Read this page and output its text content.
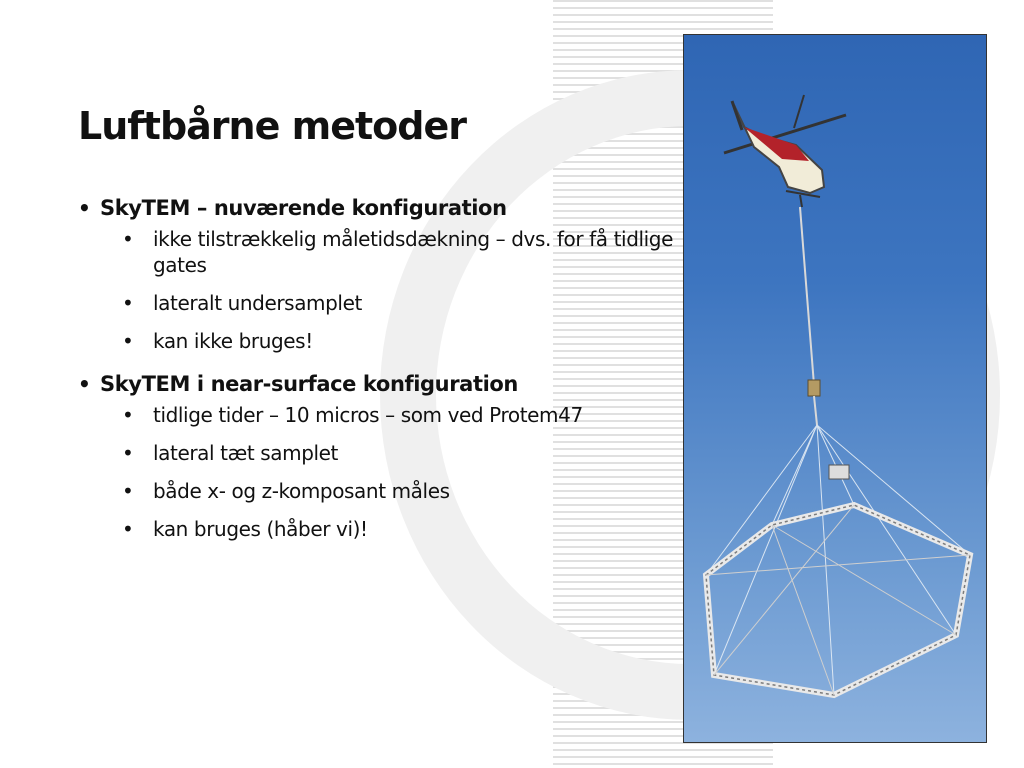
Luftbårne metoder
• SkyTEM – nuværende konfiguration
• ikke tilstrækkelig måletidsdækning – dvs. for få tidlige gates
• lateralt undersamplet
• kan ikke bruges!
• SkyTEM i near-surface konfiguration
• tidlige tider – 10 micros – som ved Protem47
• lateral tæt samplet
• både x- og z-komposant måles
• kan bruges (håber vi)!
